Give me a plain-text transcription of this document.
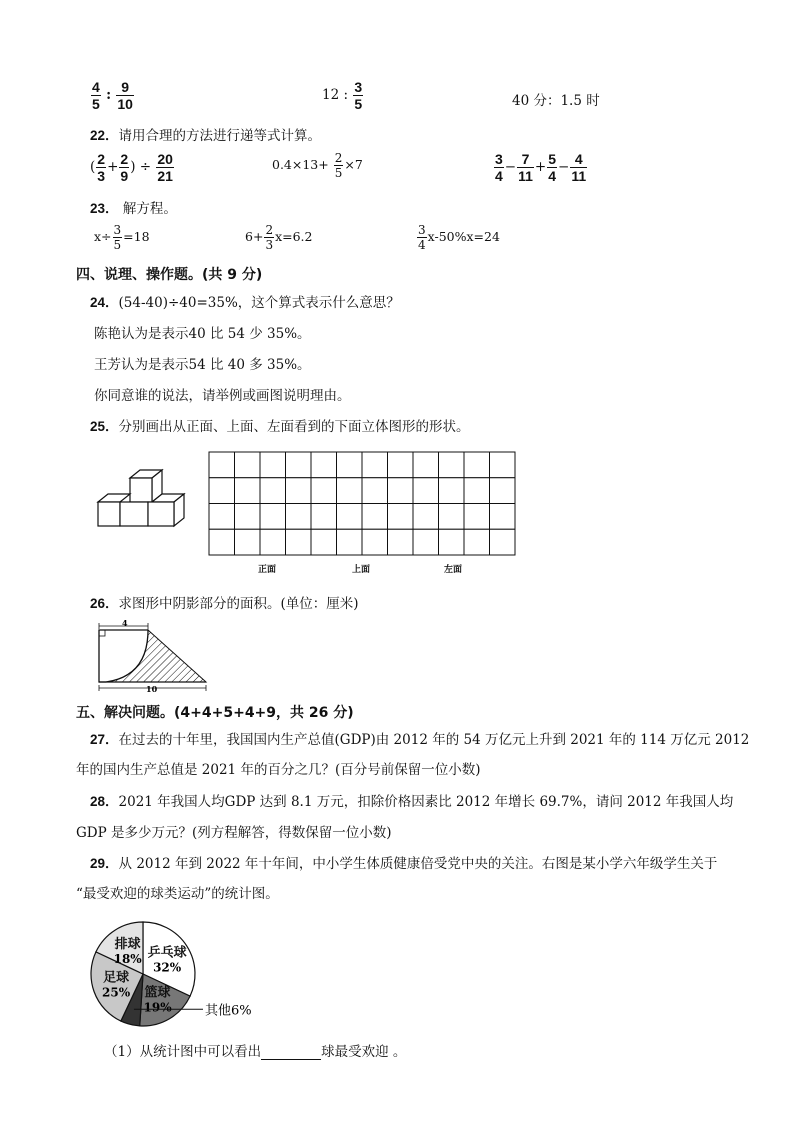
$\frac{4}{5}$ : $\frac{9}{10}$	12 : $\frac{3}{5}$	40 分：1.5 时
22．请用合理的方法进行递等式计算。
( $\frac{2}{3} + \frac{2}{9}$ ) ÷ $\frac{20}{21}$	$0.4\times 13+ \frac{2}{5} \times 7$	$\frac{3}{4} - \frac{7}{11} + \frac{5}{4} - \frac{4}{11}$
23． 解方程。
$x\div \frac{3}{5} =18$	$6+ \frac{2}{3} x=6.2$	$\frac{3}{4} x-50\%x=24$
四、说理、操作题。(共 9 分)
24．(54-40)÷40=35%，这个算式表示什么意思？
陈艳认为是表示40 比 54 少 35%。
王芳认为是表示54 比 40 多 35%。
你同意谁的说法，请举例或画图说明理由。
25．分别画出从正面、上面、左面看到的下面立体图形的形状。
正面	上面	左面
26．求图形中阴影部分的面积。(单位：厘米)
4
10
五、解决问题。(4+4+5+4+9，共 26 分)
27．在过去的十年里，我国国内生产总值(GDP)由 2012 年的 54 万亿元上升到 2021 年的 114 万亿元 2012
年的国内生产总值是 2021 年的百分之几？(百分号前保留一位小数)
28．2021 年我国人均GDP 达到 8.1 万元，扣除价格因素比 2012 年增长 69.7%，请问 2012 年我国人均
GDP 是多少万元？(列方程解答，得数保留一位小数)
29．从 2012 年到 2022 年十年间，中小学生体质健康倍受党中央的关注。右图是某小学六年级学生关于
“最受欢迎的球类运动”的统计图。
乒乓球
32%
篮球
19%	其他6%
足球
25%
排球
18%
（1）从统计图中可以看出	球最受欢迎 。
